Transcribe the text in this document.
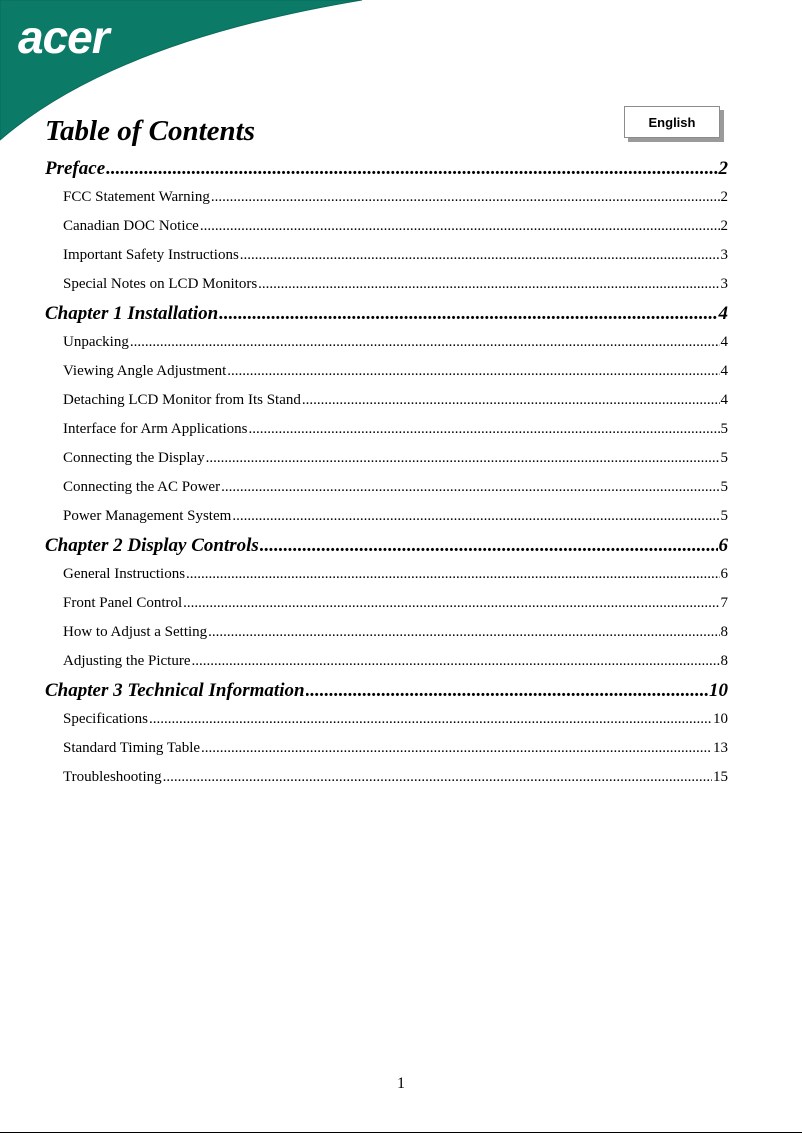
acer
English
Table of Contents
Preface .....	2
FCC Statement Warning .....	2
Canadian DOC Notice .....	2
Important Safety Instructions .....	3
Special Notes on LCD Monitors .....	3
Chapter 1 Installation .....	4
Unpacking .....	4
Viewing Angle Adjustment .....	4
Detaching LCD Monitor from Its Stand .....	4
Interface for Arm Applications .....	5
Connecting the Display .....	5
Connecting the AC Power .....	5
Power Management System .....	5
Chapter 2 Display Controls .....	6
General Instructions .....	6
Front Panel Control .....	7
How to Adjust a Setting .....	8
Adjusting the Picture .....	8
Chapter 3 Technical Information .....	10
Specifications .....	10
Standard Timing Table .....	13
Troubleshooting .....	15
1
